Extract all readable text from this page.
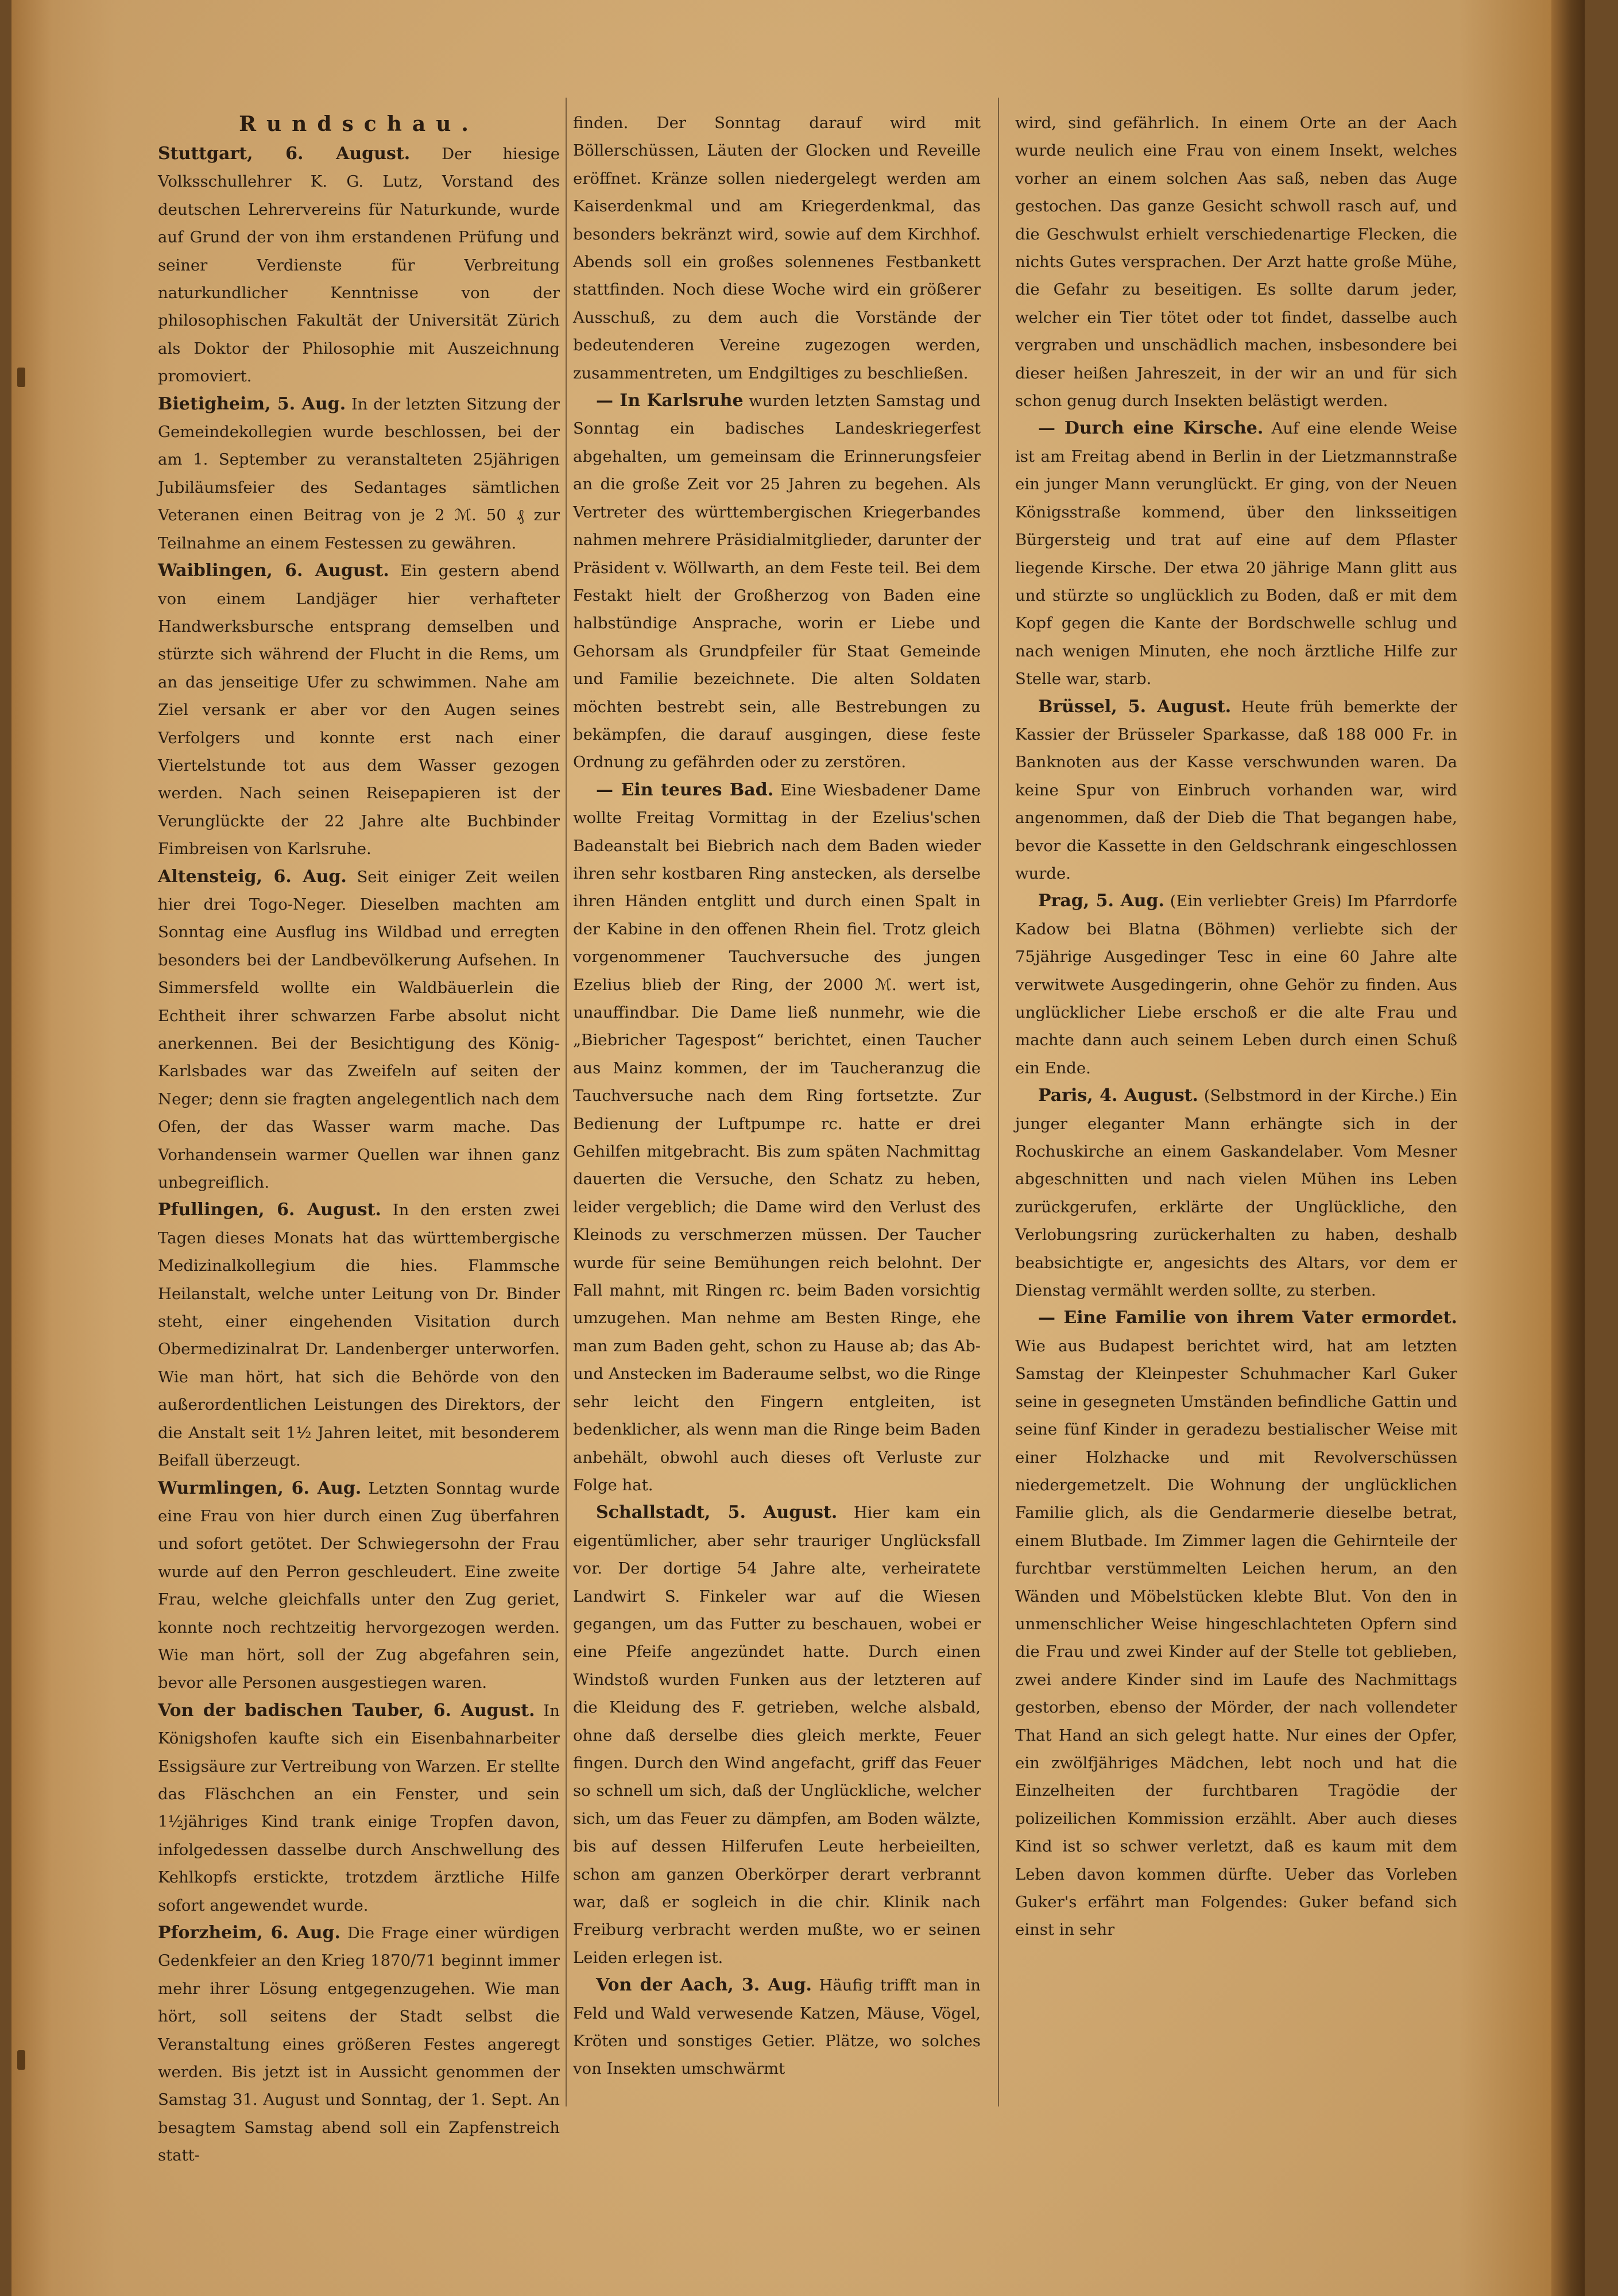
Rundschau.

Stuttgart, 6. August. Der hiesige Volksschullehrer K. G. Lutz, Vorstand des deutschen Lehrervereins für Naturkunde, wurde auf Grund der von ihm erstandenen Prüfung und seiner Verdienste für Verbreitung naturkundlicher Kenntnisse von der philosophischen Fakultät der Universität Zürich als Doktor der Philosophie mit Auszeichnung promoviert.

Bietigheim, 5. Aug. In der letzten Sitzung der Gemeindekollegien wurde beschlossen, bei der am 1. September zu veranstalteten 25jährigen Jubiläumsfeier des Sedantages sämtlichen Veteranen einen Beitrag von je 2 ℳ. 50 ₰ zur Teilnahme an einem Festessen zu gewähren.

Waiblingen, 6. August. Ein gestern abend von einem Landjäger hier verhafteter Handwerksbursche entsprang demselben und stürzte sich während der Flucht in die Rems, um an das jenseitige Ufer zu schwimmen. Nahe am Ziel versank er aber vor den Augen seines Verfolgers und konnte erst nach einer Viertelstunde tot aus dem Wasser gezogen werden. Nach seinen Reisepapieren ist der Verunglückte der 22 Jahre alte Buchbinder Fimbreisen von Karlsruhe.

Altensteig, 6. Aug. Seit einiger Zeit weilen hier drei Togo-Neger. Dieselben machten am Sonntag eine Ausflug ins Wildbad und erregten besonders bei der Landbevölkerung Aufsehen. In Simmersfeld wollte ein Waldbäuerlein die Echtheit ihrer schwarzen Farbe absolut nicht anerkennen. Bei der Besichtigung des König-Karlsbades war das Zweifeln auf seiten der Neger; denn sie fragten angelegentlich nach dem Ofen, der das Wasser warm mache. Das Vorhandensein warmer Quellen war ihnen ganz unbegreiflich.

Pfullingen, 6. August. In den ersten zwei Tagen dieses Monats hat das württembergische Medizinalkollegium die hies. Flammsche Heilanstalt, welche unter Leitung von Dr. Binder steht, einer eingehenden Visitation durch Obermedizinalrat Dr. Landenberger unterworfen. Wie man hört, hat sich die Behörde von den außerordentlichen Leistungen des Direktors, der die Anstalt seit 1½ Jahren leitet, mit besonderem Beifall überzeugt.

Wurmlingen, 6. Aug. Letzten Sonntag wurde eine Frau von hier durch einen Zug überfahren und sofort getötet. Der Schwiegersohn der Frau wurde auf den Perron geschleudert. Eine zweite Frau, welche gleichfalls unter den Zug geriet, konnte noch rechtzeitig hervorgezogen werden. Wie man hört, soll der Zug abgefahren sein, bevor alle Personen ausgestiegen waren.

Von der badischen Tauber, 6. August. In Königshofen kaufte sich ein Eisenbahnarbeiter Essigsäure zur Vertreibung von Warzen. Er stellte das Fläschchen an ein Fenster, und sein 1½jähriges Kind trank einige Tropfen davon, infolgedessen dasselbe durch Anschwellung des Kehlkopfs erstickte, trotzdem ärztliche Hilfe sofort angewendet wurde.

Pforzheim, 6. Aug. Die Frage einer würdigen Gedenkfeier an den Krieg 1870/71 beginnt immer mehr ihrer Lösung entgegenzugehen. Wie man hört, soll seitens der Stadt selbst die Veranstaltung eines größeren Festes angeregt werden. Bis jetzt ist in Aussicht genommen der Samstag 31. August und Sonntag, der 1. Sept. An besagtem Samstag abend soll ein Zapfenstreich statt-

finden. Der Sonntag darauf wird mit Böllerschüssen, Läuten der Glocken und Reveille eröffnet. Kränze sollen niedergelegt werden am Kaiserdenkmal und am Kriegerdenkmal, das besonders bekränzt wird, sowie auf dem Kirchhof. Abends soll ein großes solennenes Festbankett stattfinden. Noch diese Woche wird ein größerer Ausschuß, zu dem auch die Vorstände der bedeutenderen Vereine zugezogen werden, zusammentreten, um Endgiltiges zu beschließen.

— In Karlsruhe wurden letzten Samstag und Sonntag ein badisches Landeskriegerfest abgehalten, um gemeinsam die Erinnerungsfeier an die große Zeit vor 25 Jahren zu begehen. Als Vertreter des württembergischen Kriegerbandes nahmen mehrere Präsidialmitglieder, darunter der Präsident v. Wöllwarth, an dem Feste teil. Bei dem Festakt hielt der Großherzog von Baden eine halbstündige Ansprache, worin er Liebe und Gehorsam als Grundpfeiler für Staat Gemeinde und Familie bezeichnete. Die alten Soldaten möchten bestrebt sein, alle Bestrebungen zu bekämpfen, die darauf ausgingen, diese feste Ordnung zu gefährden oder zu zerstören.

— Ein teures Bad. Eine Wiesbadener Dame wollte Freitag Vormittag in der Ezelius'schen Badeanstalt bei Biebrich nach dem Baden wieder ihren sehr kostbaren Ring anstecken, als derselbe ihren Händen entglitt und durch einen Spalt in der Kabine in den offenen Rhein fiel. Trotz gleich vorgenommener Tauchversuche des jungen Ezelius blieb der Ring, der 2000 ℳ. wert ist, unauffindbar. Die Dame ließ nunmehr, wie die „Biebricher Tagespost“ berichtet, einen Taucher aus Mainz kommen, der im Taucheranzug die Tauchversuche nach dem Ring fortsetzte. Zur Bedienung der Luftpumpe rc. hatte er drei Gehilfen mitgebracht. Bis zum späten Nachmittag dauerten die Versuche, den Schatz zu heben, leider vergeblich; die Dame wird den Verlust des Kleinods zu verschmerzen müssen. Der Taucher wurde für seine Bemühungen reich belohnt. Der Fall mahnt, mit Ringen rc. beim Baden vorsichtig umzugehen. Man nehme am Besten Ringe, ehe man zum Baden geht, schon zu Hause ab; das Ab- und Anstecken im Baderaume selbst, wo die Ringe sehr leicht den Fingern entgleiten, ist bedenklicher, als wenn man die Ringe beim Baden anbehält, obwohl auch dieses oft Verluste zur Folge hat.

Schallstadt, 5. August. Hier kam ein eigentümlicher, aber sehr trauriger Unglücksfall vor. Der dortige 54 Jahre alte, verheiratete Landwirt S. Finkeler war auf die Wiesen gegangen, um das Futter zu beschauen, wobei er eine Pfeife angezündet hatte. Durch einen Windstoß wurden Funken aus der letzteren auf die Kleidung des F. getrieben, welche alsbald, ohne daß derselbe dies gleich merkte, Feuer fingen. Durch den Wind angefacht, griff das Feuer so schnell um sich, daß der Unglückliche, welcher sich, um das Feuer zu dämpfen, am Boden wälzte, bis auf dessen Hilferufen Leute herbeieilten, schon am ganzen Oberkörper derart verbrannt war, daß er sogleich in die chir. Klinik nach Freiburg verbracht werden mußte, wo er seinen Leiden erlegen ist.

Von der Aach, 3. Aug. Häufig trifft man in Feld und Wald verwesende Katzen, Mäuse, Vögel, Kröten und sonstiges Getier. Plätze, wo solches von Insekten umschwärmt

wird, sind gefährlich. In einem Orte an der Aach wurde neulich eine Frau von einem Insekt, welches vorher an einem solchen Aas saß, neben das Auge gestochen. Das ganze Gesicht schwoll rasch auf, und die Geschwulst erhielt verschiedenartige Flecken, die nichts Gutes versprachen. Der Arzt hatte große Mühe, die Gefahr zu beseitigen. Es sollte darum jeder, welcher ein Tier tötet oder tot findet, dasselbe auch vergraben und unschädlich machen, insbesondere bei dieser heißen Jahreszeit, in der wir an und für sich schon genug durch Insekten belästigt werden.

— Durch eine Kirsche. Auf eine elende Weise ist am Freitag abend in Berlin in der Lietzmannstraße ein junger Mann verunglückt. Er ging, von der Neuen Königsstraße kommend, über den linksseitigen Bürgersteig und trat auf eine auf dem Pflaster liegende Kirsche. Der etwa 20 jährige Mann glitt aus und stürzte so unglücklich zu Boden, daß er mit dem Kopf gegen die Kante der Bordschwelle schlug und nach wenigen Minuten, ehe noch ärztliche Hilfe zur Stelle war, starb.

Brüssel, 5. August. Heute früh bemerkte der Kassier der Brüsseler Sparkasse, daß 188 000 Fr. in Banknoten aus der Kasse verschwunden waren. Da keine Spur von Einbruch vorhanden war, wird angenommen, daß der Dieb die That begangen habe, bevor die Kassette in den Geldschrank eingeschlossen wurde.

Prag, 5. Aug. (Ein verliebter Greis) Im Pfarrdorfe Kadow bei Blatna (Böhmen) verliebte sich der 75jährige Ausgedinger Tesc in eine 60 Jahre alte verwitwete Ausgedingerin, ohne Gehör zu finden. Aus unglücklicher Liebe erschoß er die alte Frau und machte dann auch seinem Leben durch einen Schuß ein Ende.

Paris, 4. August. (Selbstmord in der Kirche.) Ein junger eleganter Mann erhängte sich in der Rochuskirche an einem Gaskandelaber. Vom Mesner abgeschnitten und nach vielen Mühen ins Leben zurückgerufen, erklärte der Unglückliche, den Verlobungsring zurückerhalten zu haben, deshalb beabsichtigte er, angesichts des Altars, vor dem er Dienstag vermählt werden sollte, zu sterben.

— Eine Familie von ihrem Vater ermordet. Wie aus Budapest berichtet wird, hat am letzten Samstag der Kleinpester Schuhmacher Karl Guker seine in gesegneten Umständen befindliche Gattin und seine fünf Kinder in geradezu bestialischer Weise mit einer Holzhacke und mit Revolverschüssen niedergemetzelt. Die Wohnung der unglücklichen Familie glich, als die Gendarmerie dieselbe betrat, einem Blutbade. Im Zimmer lagen die Gehirnteile der furchtbar verstümmelten Leichen herum, an den Wänden und Möbelstücken klebte Blut. Von den in unmenschlicher Weise hingeschlachteten Opfern sind die Frau und zwei Kinder auf der Stelle tot geblieben, zwei andere Kinder sind im Laufe des Nachmittags gestorben, ebenso der Mörder, der nach vollendeter That Hand an sich gelegt hatte. Nur eines der Opfer, ein zwölfjähriges Mädchen, lebt noch und hat die Einzelheiten der furchtbaren Tragödie der polizeilichen Kommission erzählt. Aber auch dieses Kind ist so schwer verletzt, daß es kaum mit dem Leben davon kommen dürfte. Ueber das Vorleben Guker's erfährt man Folgendes: Guker befand sich einst in sehr
